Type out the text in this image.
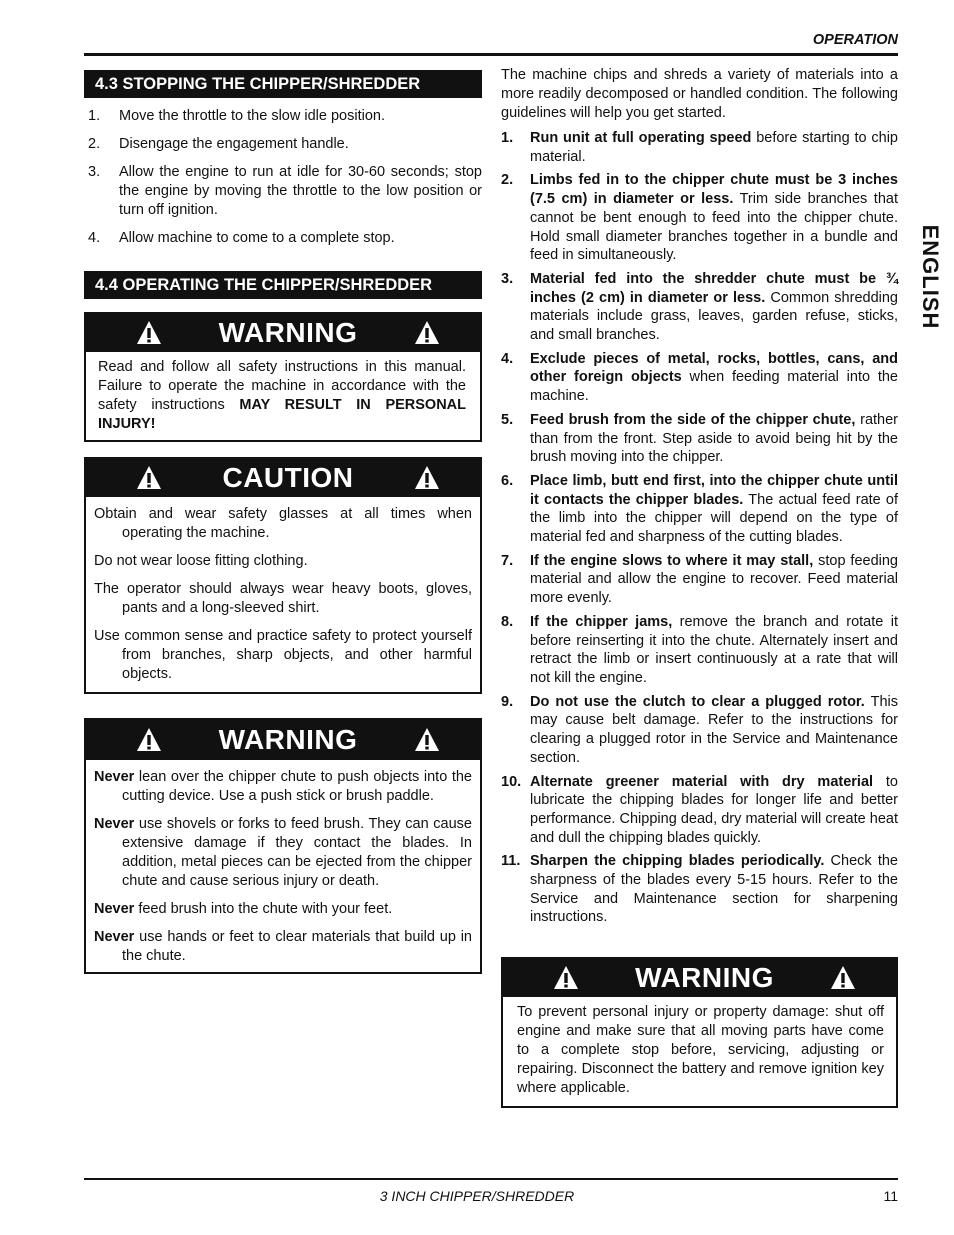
OPERATION
ENGLISH
4.3 STOPPING THE CHIPPER/SHREDDER
1.	Move the throttle to the slow idle position.
2.	Disengage the engagement handle.
3.	Allow the engine to run at idle for 30-60 seconds; stop the engine by moving the throttle to the low position or turn off ignition.
4.	Allow machine to come to a complete stop.
4.4 OPERATING THE CHIPPER/SHREDDER
WARNING

Read and follow all safety instructions in this manual. Failure to operate the machine in accordance with the safety instructions MAY RESULT IN PERSONAL INJURY!

CAUTION

Obtain and wear safety glasses at all times when operating the machine.

Do not wear loose fitting clothing.

The operator should always wear heavy boots, gloves, pants and a long-sleeved shirt.

Use common sense and practice safety to protect yourself from branches, sharp objects, and other harmful objects.

WARNING

Never lean over the chipper chute to push objects into the cutting device. Use a push stick or brush paddle.

Never use shovels or forks to feed brush. They can cause extensive damage if they contact the blades. In addition, metal pieces can be ejected from the chipper chute and cause serious injury or death.

Never feed brush into the chute with your feet.

Never use hands or feet to clear materials that build up in the chute.

The machine chips and shreds a variety of materials into a more readily decomposed or handled condition. The following guidelines will help you get started.

1.	Run unit at full operating speed before starting to chip material.
2.	Limbs fed in to the chipper chute must be 3 inches (7.5 cm) in diameter or less. Trim side branches that cannot be bent enough to feed into the chipper chute. Hold small diameter branches together in a bundle and feed in simultaneously.
3.	Material fed into the shredder chute must be ¾ inches (2 cm) in diameter or less. Common shredding materials include grass, leaves, garden refuse, sticks, and small branches.
4.	Exclude pieces of metal, rocks, bottles, cans, and other foreign objects when feeding material into the machine.
5.	Feed brush from the side of the chipper chute, rather than from the front. Step aside to avoid being hit by the brush moving into the chipper.
6.	Place limb, butt end first, into the chipper chute until it contacts the chipper blades. The actual feed rate of the limb into the chipper will depend on the type of material fed and sharpness of the cutting blades.
7.	If the engine slows to where it may stall, stop feeding material and allow the engine to recover. Feed material more evenly.
8.	If the chipper jams, remove the branch and rotate it before reinserting it into the chute. Alternately insert and retract the limb or insert continuously at a rate that will not kill the engine.
9.	Do not use the clutch to clear a plugged rotor. This may cause belt damage. Refer to the instructions for clearing a plugged rotor in the Service and Maintenance section.
10. Alternate greener material with dry material to lubricate the chipping blades for longer life and better performance. Chipping dead, dry material will create heat and dull the chipping blades quickly.
11. Sharpen the chipping blades periodically. Check the sharpness of the blades every 5-15 hours. Refer to the Service and Maintenance section for sharpening instructions.
WARNING

To prevent personal injury or property damage: shut off engine and make sure that all moving parts have come to a complete stop before, servicing, adjusting or repairing. Disconnect the battery and remove ignition key where applicable.

3 INCH CHIPPER/SHREDDER	11
